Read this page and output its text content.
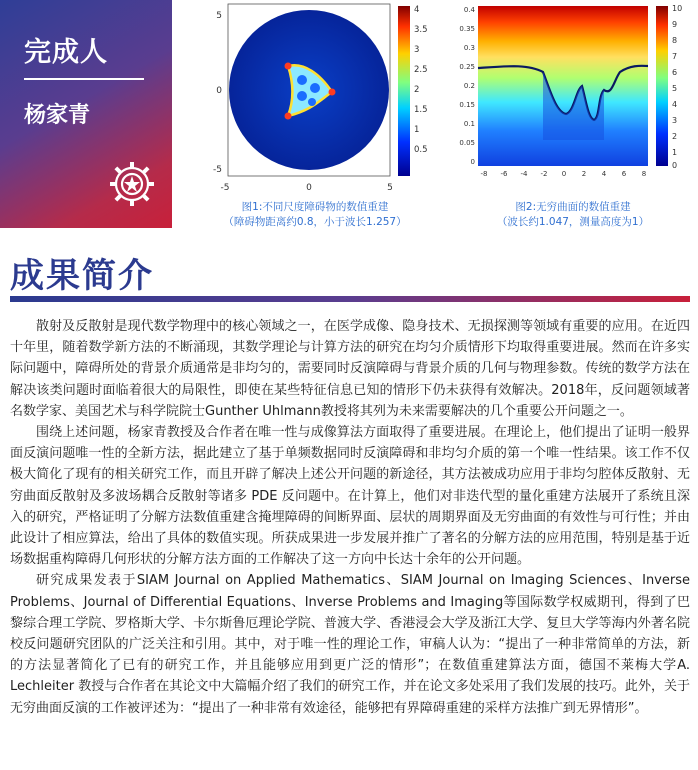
完成人
杨家青
-5	0	5
5
0
-5
4
3.5
3
2.5
2
1.5
1
0.5
图1:不同尺度障碍物的数值重建
（障碍物距离约0.8，小于波长1.257）
-8 -6 -4 -2 0 2 4 6 8
0.4
0.35
0.3
0.25
0.2
0.15
0.1
0.05
0
10
9
8
7
6
5
4
3
2
1
0
图2:无穷曲面的数值重建
（波长约1.047，测量高度为1）
成果简介

散射及反散射是现代数学物理中的核心领域之一，在医学成像、隐身技术、无损探测等领域有重要的应用。在近四十年里，随着数学新方法的不断涌现，其数学理论与计算方法的研究在均匀介质情形下均取得重要进展。然而在许多实际问题中，障碍所处的背景介质通常是非均匀的，需要同时反演障碍与背景介质的几何与物理参数。传统的数学方法在解决该类问题时面临着很大的局限性，即使在某些特征信息已知的情形下仍未获得有效解决。2018年，反问题领域著名数学家、美国艺术与科学院院士Gunther Uhlmann教授将其列为未来需要解决的几个重要公开问题之一。

围绕上述问题，杨家青教授及合作者在唯一性与成像算法方面取得了重要进展。在理论上，他们提出了证明一般界面反演问题唯一性的全新方法，据此建立了基于单频数据同时反演障碍和非均匀介质的第一个唯一性结果。该工作不仅极大简化了现有的相关研究工作，而且开辟了解决上述公开问题的新途径，其方法被成功应用于非均匀腔体反散射、无穷曲面反散射及多波场耦合反散射等诸多 PDE 反问题中。在计算上，他们对非迭代型的量化重建方法展开了系统且深入的研究，严格证明了分解方法数值重建含掩埋障碍的间断界面、层状的周期界面及无穷曲面的有效性与可行性；并由此设计了相应算法，给出了具体的数值实现。所获成果进一步发展并推广了著名的分解方法的应用范围，特别是基于近场数据重构障碍几何形状的分解方法方面的工作解决了这一方向中长达十余年的公开问题。

研究成果发表于SIAM Journal on Applied Mathematics、SIAM Journal on Imaging Sciences、Inverse Problems、Journal of Differential Equations、Inverse Problems and Imaging等国际数学权威期刊，得到了巴黎综合理工学院、罗格斯大学、卡尔斯鲁厄理论学院、普渡大学、香港浸会大学及浙江大学、复旦大学等海内外著名院校反问题研究团队的广泛关注和引用。其中，对于唯一性的理论工作，审稿人认为：“提出了一种非常简单的方法，新的方法显著简化了已有的研究工作，并且能够应用到更广泛的情形”；在数值重建算法方面，德国不莱梅大学A. Lechleiter 教授与合作者在其论文中大篇幅介绍了我们的研究工作，并在论文多处采用了我们发展的技巧。此外，关于无穷曲面反演的工作被评述为：“提出了一种非常有效途径，能够把有界障碍重建的采样方法推广到无界情形”。
